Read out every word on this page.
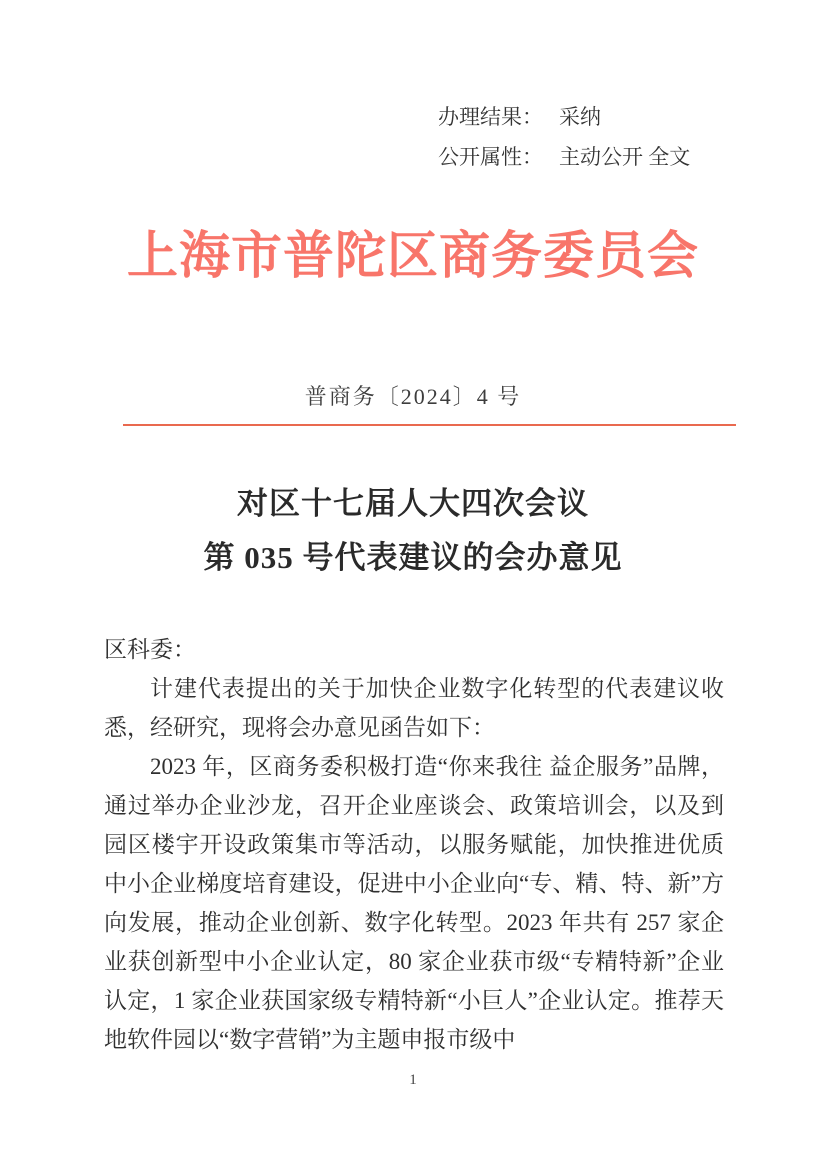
办理结果： 采纳
公开属性： 主动公开 全文
上海市普陀区商务委员会
普商务〔2024〕4 号
对区十七届人大四次会议
第 035 号代表建议的会办意见

区科委：

计建代表提出的关于加快企业数字化转型的代表建议收悉，经研究，现将会办意见函告如下：

2023 年，区商务委积极打造“你来我往 益企服务”品牌，通过举办企业沙龙，召开企业座谈会、政策培训会，以及到园区楼宇开设政策集市等活动，以服务赋能，加快推进优质中小企业梯度培育建设，促进中小企业向“专、精、特、新”方向发展，推动企业创新、数字化转型。2023 年共有 257 家企业获创新型中小企业认定，80 家企业获市级“专精特新”企业认定，1 家企业获国家级专精特新“小巨人”企业认定。推荐天地软件园以“数字营销”为主题申报市级中

1
